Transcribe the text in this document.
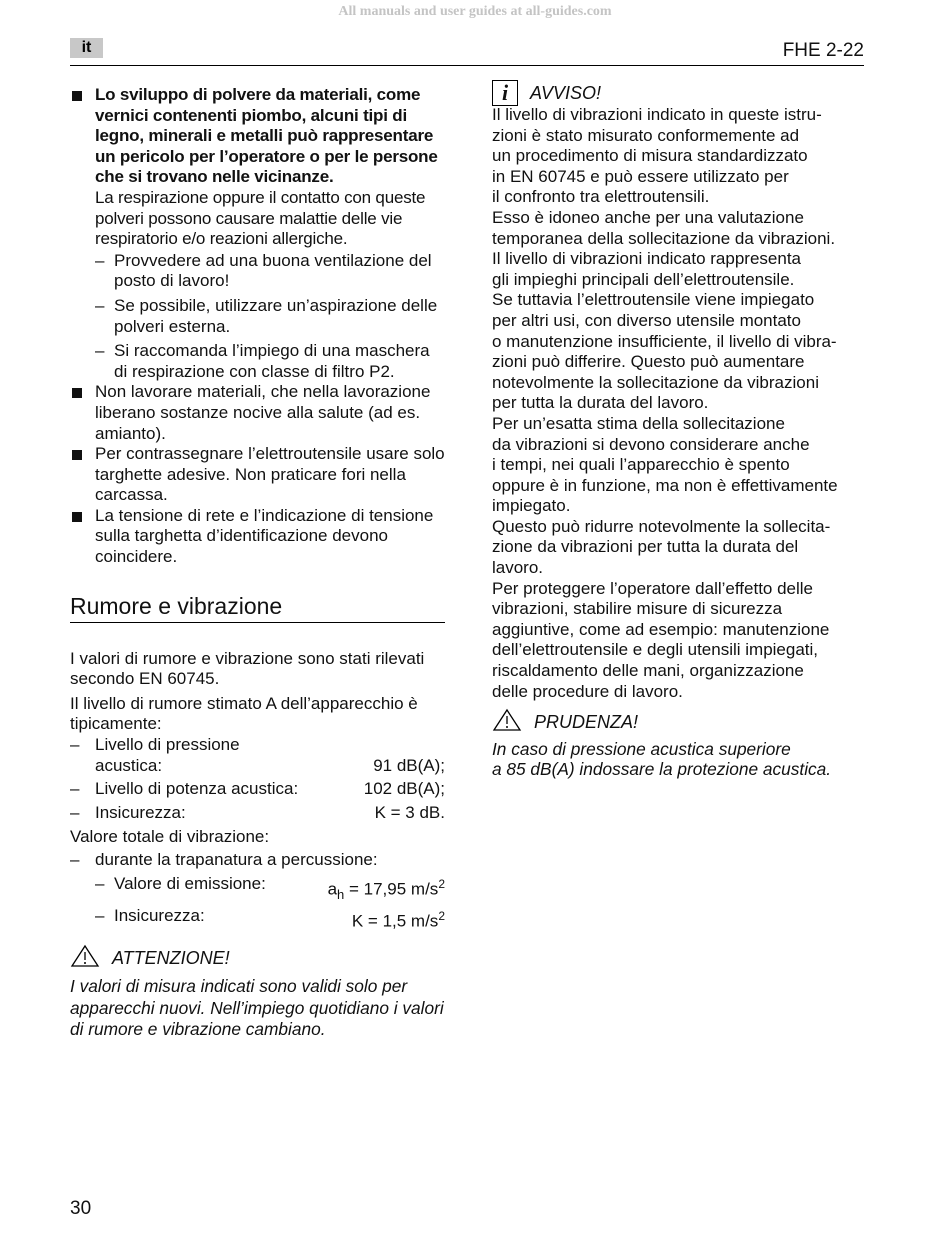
All manuals and user guides at all-guides.com
it	FHE 2-22

Lo sviluppo di polvere da materiali, come vernici contenenti piombo, alcuni tipi di legno, minerali e metalli può rappresentare un pericolo per l’operatore o per le persone che si trovano nelle vicinanze.

La respirazione oppure il contatto con queste polveri possono causare malattie delle vie respiratorio e/o reazioni allergiche.

– Provvedere ad una buona ventilazione del posto di lavoro!
– Se possibile, utilizzare un’aspirazione delle polveri esterna.
– Si raccomanda l’impiego di una maschera di respirazione con classe di filtro P2.

Non lavorare materiali, che nella lavorazione liberano sostanze nocive alla salute (ad es. amianto).

Per contrassegnare l’elettroutensile usare solo targhette adesive. Non praticare fori nella carcassa.

La tensione di rete e l’indicazione di tensione sulla targhetta d’identificazione devono coincidere.

Rumore e vibrazione

I valori di rumore e vibrazione sono stati rilevati secondo EN 60745.

Il livello di rumore stimato A dell’apparecchio è tipicamente:

– Livello di pressione
acustica:	91 dB(A);
– Livello di potenza acustica:	102 dB(A);
– Insicurezza:	K = 3 dB.

Valore totale di vibrazione:

– durante la trapanatura a percussione:
– Valore di emissione:	$a_h = 17,95$ $m/s^2$
– Insicurezza:	K = 1,5 $m/s^2$
ATTENZIONE!

I valori di misura indicati sono validi solo per apparecchi nuovi. Nell’impiego quotidiano i valori di rumore e vibrazione cambiano.

i	AVVISO!
Il livello di vibrazioni indicato in queste istru-
zioni è stato misurato conformemente ad
un procedimento di misura standardizzato
in EN 60745 e può essere utilizzato per
il confronto tra elettroutensili.
Esso è idoneo anche per una valutazione
temporanea della sollecitazione da vibrazioni.
Il livello di vibrazioni indicato rappresenta
gli impieghi principali dell’elettroutensile.
Se tuttavia l’elettroutensile viene impiegato
per altri usi, con diverso utensile montato
o manutenzione insufficiente, il livello di vibra-
zioni può differire. Questo può aumentare
notevolmente la sollecitazione da vibrazioni
per tutta la durata del lavoro.
Per un’esatta stima della sollecitazione
da vibrazioni si devono considerare anche
i tempi, nei quali l’apparecchio è spento
oppure è in funzione, ma non è effettivamente
impiegato.
Questo può ridurre notevolmente la sollecita-
zione da vibrazioni per tutta la durata del
lavoro.
Per proteggere l’operatore dall’effetto delle
vibrazioni, stabilire misure di sicurezza
aggiuntive, come ad esempio: manutenzione
dell’elettroutensile e degli utensili impiegati,
riscaldamento delle mani, organizzazione
delle procedure di lavoro.
PRUDENZA!
In caso di pressione acustica superiore
a 85 dB(A) indossare la protezione acustica.
30
